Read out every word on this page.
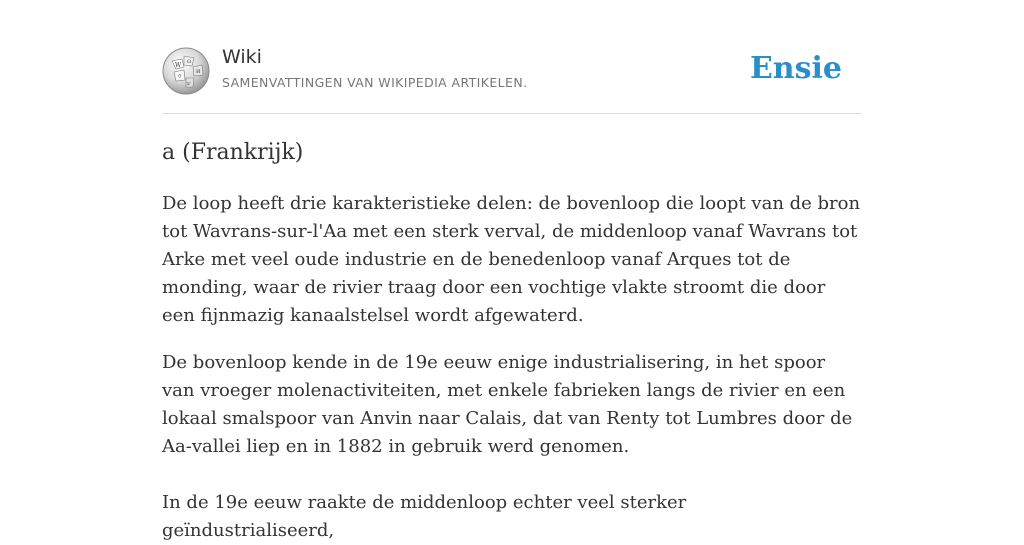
W Ω
И
ウ
ש
Wiki
SAMENVATTINGEN VAN WIKIPEDIA ARTIKELEN.	Ensie
a (Frankrijk)

De loop heeft drie karakteristieke delen: de bovenloop die loopt van de bron tot Wavrans-sur-l'Aa met een sterk verval, de middenloop vanaf Wavrans tot Arke met veel oude industrie en de benedenloop vanaf Arques tot de monding, waar de rivier traag door een vochtige vlakte stroomt die door een fijnmazig kanaalstelsel wordt afgewaterd.

De bovenloop kende in de 19e eeuw enige industrialisering, in het spoor van vroeger molenactiviteiten, met enkele fabrieken langs de rivier en een lokaal smalspoor van Anvin naar Calais, dat van Renty tot Lumbres door de Aa-vallei liep en in 1882 in gebruik werd genomen.

In de 19e eeuw raakte de middenloop echter veel sterker geïndustrialiseerd,
